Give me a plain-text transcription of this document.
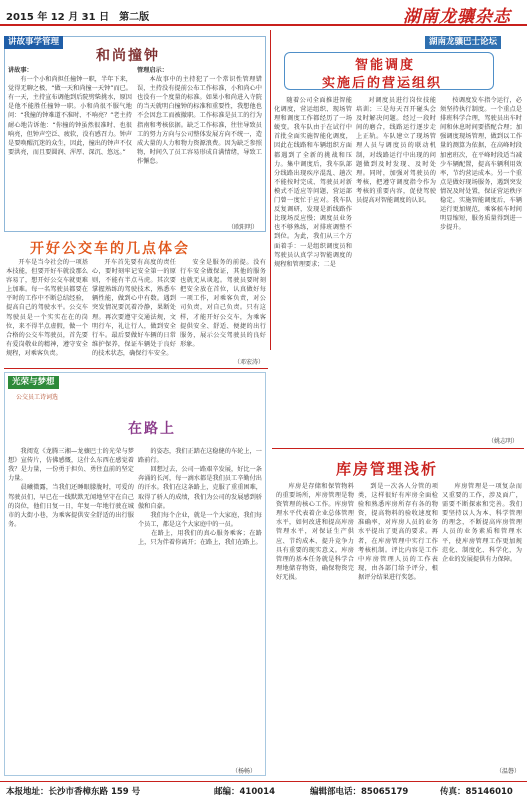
2015 年 12 月 31 日　第二版	湖南龙骧杂志
讲故事学管理
和尚撞钟
讲故事：

有一个小和尚担任撞钟一职，半年下来，觉得无聊之极，“做一天和尚撞一天钟”而已。有一天，主持宣布调他到后院劈柴挑水，原因是他不能胜任撞钟一职。小和尚很不服气地问：“我撞的钟难道不准时、不响亮？”老主持耐心地告诉他：“你撞的钟虽然很准时、也很响亮，但钟声空泛、疲软，没有感召力。钟声是要唤醒沉迷的众生，因此，撞出的钟声不仅要洪亮，而且要圆润、浑厚、深沉、悠远。”

管理启示：

本故事中的主持犯了一个常识性管理错误，主持没有提前公布工作标准，小和尚心中也没有一个度量的标准。如果小和尚进入寺院的当天就明白撞钟的标准和重要性，我想他也不会因怠工而被撤职。工作标准是员工的行为指南和考核依据。缺乏工作标准，往往导致员工的努力方向与公司整体发展方向不统一，造成大量的人力和物力资源浪费。因为缺乏参照物，时间久了员工容易形成自满情绪，导致工作懈怠。

（欧阳明）
湖南龙骧巴士论坛
智能调度
实施后的营运组织

随着公司全面推进智能化调度，营运组织、现场管理和调度工作都经历了一场蜕变。我车队由于在试行中首批全面实施智能化调度，因此在线路和车辆组织方面都遇到了全新的挑战和压力。集中调度后，我车队部分线路出现疾序混乱、趟次不能按时完成、驾驶员对新模式不适应等问题，营运部门曾一度忙于应对。我车队反复调研，发现是新线路作比现场反应慢；调度员业务也不够熟练，对排班调整不到位。为此，我们从三个方面着手：一是组织调度员和驾驶员认真学习智能调度的规程和管理要求；二是

对调度员进行岗位技能培训；三是每天召开碰头会及时解决问题。经过一段时间的磨合，线路运行逐步走上正轨。车队建立了现场管理人员与调度员的联动机制，对线路运行中出现的问题做到及时发现、及时处理。同时，加强对驾驶员的考核，把遵守调度指令作为考核的重要内容，促使驾驶员提高对智能调度的认识。

按调度发车指令运行，必须坚持执行制度。一个重点是排班科学合理，驾驶员出车时间和休息时间要搭配合理；加强调度现场管理，做到以工作量的测算为依据，在高峰时段加密班次，在平峰时段适当减少车辆配置，提高车辆利用效率，节约营运成本。另一个重点是做好现场服务，遇到突发情况及时处置，保证营运秩序稳定。实施智能调度后，车辆运行更加规范，乘客候车时间明显缩短，服务质量得到进一步提升。

（姚志明）
开好公交车的几点体会

开车是当今社会的一项基本技能，但要开好车就没那么容易了，想开好公交车就更难上加难。每一名驾驶员都要在平时的工作中不断总结经验，提高自己的驾驶水平。公交车驾驶员是一个实实在在的岗位，来不得半点虚假，做一个合格的公交车驾驶员，首先要有爱岗敬业的精神，遵守安全规程，对乘客负责。

开车首先要有高度的责任心，要时刻牢记安全第一的原则，不能有半点马虎。其次要掌握熟练的驾驶技术，熟悉车辆性能，做到心中有数。遇到突发情况要沉着冷静，果断处理。再次要遵守交通法规，文明行车，礼让行人，做到安全行车。最后要做好车辆的日常维护保养，保证车辆处于良好的技术状态，确保行车安全。

安全是服务的前提。没有行车安全做保证，其他的服务也就无从谈起。驾驶员要时刻把安全放在首位，认真做好每一项工作，对乘客负责，对公司负责，对自己负责。只有这样，才能开好公交车，为乘客提供安全、舒适、便捷的出行服务，展示公交驾驶员的良好形象。

（邓宏涛）
光荣与梦想
公交员工诗词选
在路上

我阅览《龙腾三湘—龙骧巴士的光荣与梦想》宣传片，仿佛感慨，这什么东西在感觉着我？是力量，一份勇于担负、勇往直前的坚定力量。
　　晨曦微露，当我们还睡眼朦胧时，可爱的驾驶员们，早已在一线默默无闻地坚守在自己的岗位，他们日复一日，年复一年地行驶在城市的大街小巷，为乘客提供安全舒适的出行服务。

的姿态，我们正踏在这稳健的车轮上，一路前行。
　　回想过去，公司一路艰辛发展，好比一条奔涌的长河，每一滴水都是我们员工辛勤付出的汗水。我们在这条路上，克服了重重困难，取得了骄人的成绩，我们为公司的发展感到骄傲和自豪。
　　我们每个企业，就是一个大家庭，我们每个员工，都是这个大家庭中的一员。
　　在路上，用我们的真心服务乘客；在路上，只为伴着你离开；在路上，我们在路上。

（杨畅）
库房管理浅析

库房是存储和保管物料的重要场所，库房管理是物资管理的核心工作。库房管理水平代表着企业总体管理水平，如何改进和提高库房管理水平，对保证生产供应、节约成本、提升竞争力具有重要的现实意义。库房管理的基本任务就是科学合理地储存物资，确保物资完好无损。

到是一次各人分管的项类，这样很好有库房全面检验和熟悉库房所存有各的物资，提高物料的验收速度和准确率，对库房人员的业务水平提出了更高的要求。再者，在库房管理中实行工作考核机制。评比内容是工作中库房管理人员的工作表现，由各部门给予评分，根据评分结果进行奖惩。

库房管理是一项复杂而又重要的工作，涉及面广，需要不断探索和完善。我们要坚持以人为本、科学管理的理念，不断提高库房管理人员的业务素质和管理水平，使库房管理工作更加规范化、制度化、科学化，为企业的发展提供有力保障。

（温磐）
本报地址：长沙市香樟东路 159 号	邮编：410014	编辑部电话：85065179	传真：85146010
